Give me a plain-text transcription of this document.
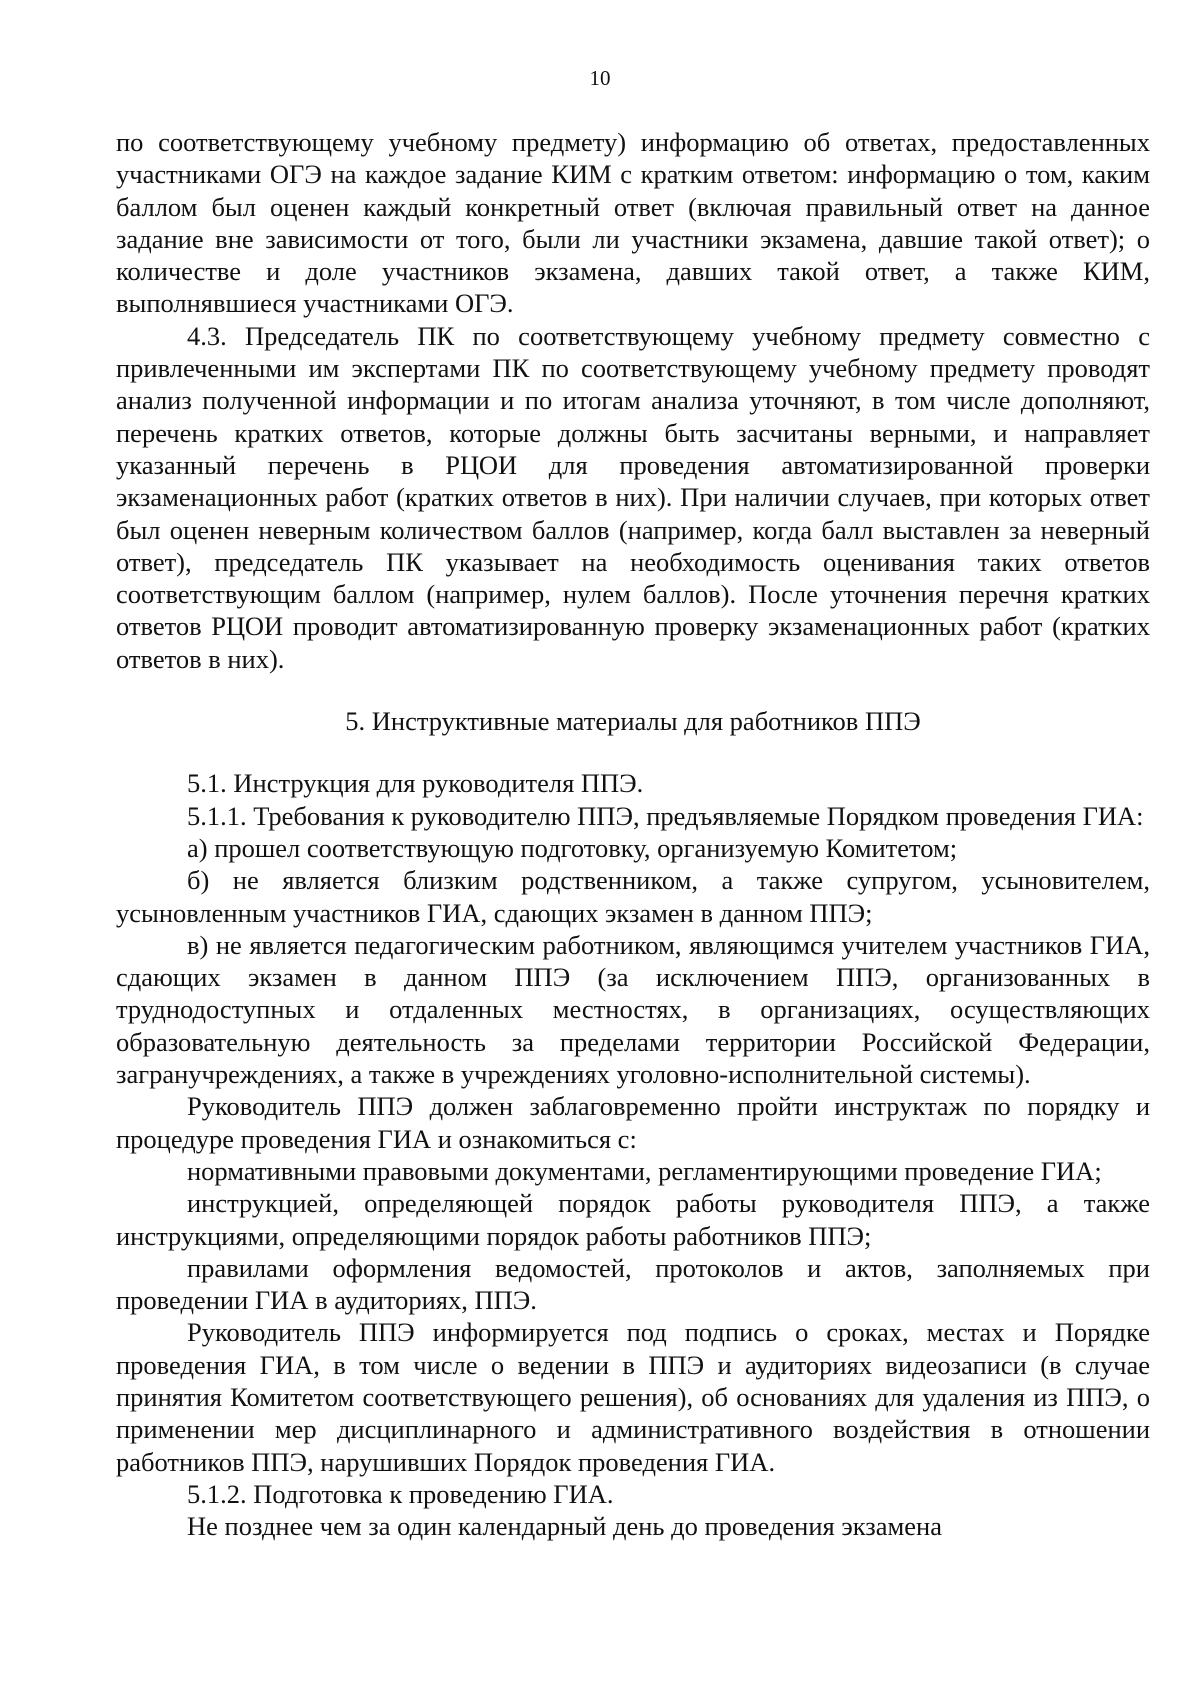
10

по соответствующему учебному предмету) информацию об ответах, предоставленных участниками ОГЭ на каждое задание КИМ с кратким ответом: информацию о том, каким баллом был оценен каждый конкретный ответ (включая правильный ответ на данное задание вне зависимости от того, были ли участники экзамена, давшие такой ответ); о количестве и доле участников экзамена, давших такой ответ, а также КИМ, выполнявшиеся участниками ОГЭ.

4.3. Председатель ПК по соответствующему учебному предмету совместно с привлеченными им экспертами ПК по соответствующему учебному предмету проводят анализ полученной информации и по итогам анализа уточняют, в том числе дополняют, перечень кратких ответов, которые должны быть засчитаны верными, и направляет указанный перечень в РЦОИ для проведения автоматизированной проверки экзаменационных работ (кратких ответов в них). При наличии случаев, при которых ответ был оценен неверным количеством баллов (например, когда балл выставлен за неверный ответ), председатель ПК указывает на необходимость оценивания таких ответов соответствующим баллом (например, нулем баллов). После уточнения перечня кратких ответов РЦОИ проводит автоматизированную проверку экзаменационных работ (кратких ответов в них).

5. Инструктивные материалы для работников ППЭ

5.1. Инструкция для руководителя ППЭ.

5.1.1. Требования к руководителю ППЭ, предъявляемые Порядком проведения ГИА:

а) прошел соответствующую подготовку, организуемую Комитетом;

б) не является близким родственником, а также супругом, усыновителем, усыновленным участников ГИА, сдающих экзамен в данном ППЭ;

в) не является педагогическим работником, являющимся учителем участников ГИА, сдающих экзамен в данном ППЭ (за исключением ППЭ, организованных в труднодоступных и отдаленных местностях, в организациях, осуществляющих образовательную деятельность за пределами территории Российской Федерации, загранучреждениях, а также в учреждениях уголовно-исполнительной системы).

Руководитель ППЭ должен заблаговременно пройти инструктаж по порядку и процедуре проведения ГИА и ознакомиться с:

нормативными правовыми документами, регламентирующими проведение ГИА;

инструкцией, определяющей порядок работы руководителя ППЭ, а также инструкциями, определяющими порядок работы работников ППЭ;

правилами оформления ведомостей, протоколов и актов, заполняемых при проведении ГИА в аудиториях, ППЭ.

Руководитель ППЭ информируется под подпись о сроках, местах и Порядке проведения ГИА, в том числе о ведении в ППЭ и аудиториях видеозаписи (в случае принятия Комитетом соответствующего решения), об основаниях для удаления из ППЭ, о применении мер дисциплинарного и административного воздействия в отношении работников ППЭ, нарушивших Порядок проведения ГИА.

5.1.2. Подготовка к проведению ГИА.

Не позднее чем за один календарный день до проведения экзамена
